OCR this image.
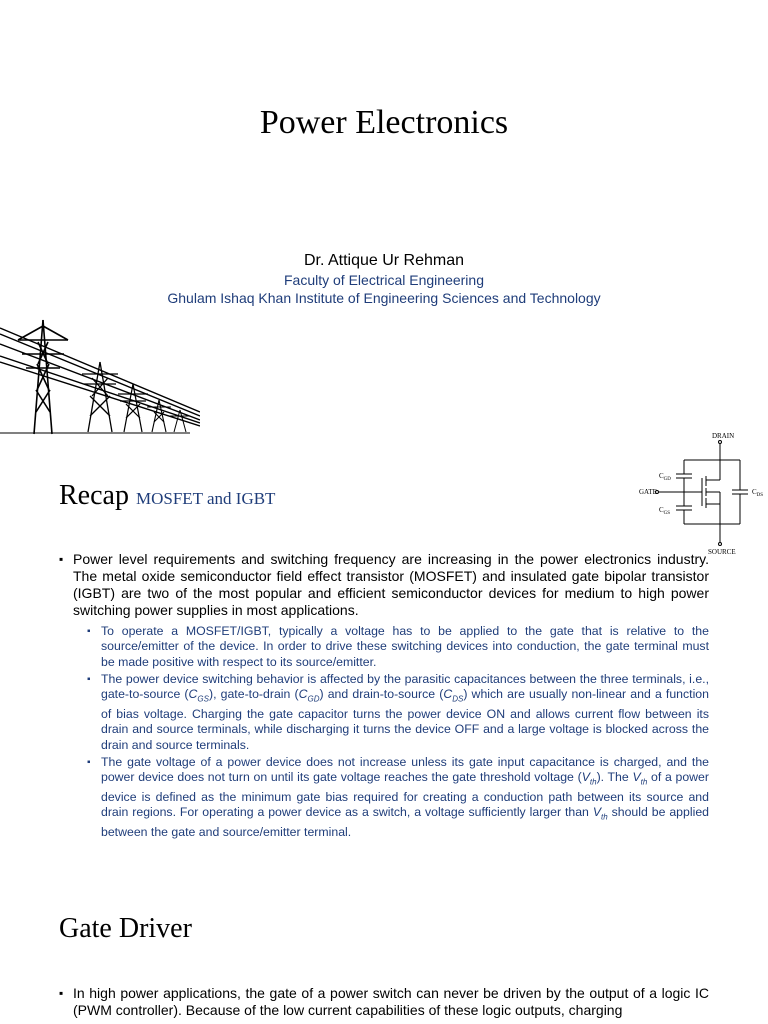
Power Electronics
Dr. Attique Ur Rehman
Faculty of Electrical Engineering
Ghulam Ishaq Khan Institute of Engineering Sciences and Technology
DRAIN
GATE
SOURCE
$C_{GD}$
$C_{GS}$
$C_{DS}$
Recap MOSFET and IGBT
▪ Power level requirements and switching frequency are increasing in the power electronics industry. The metal oxide semiconductor field effect transistor (MOSFET) and insulated gate bipolar transistor (IGBT) are two of the most popular and efficient semiconductor devices for medium to high power switching power supplies in most applications.
▪ To operate a MOSFET/IGBT, typically a voltage has to be applied to the gate that is relative to the source/emitter of the device. In order to drive these switching devices into conduction, the gate terminal must be made positive with respect to its source/emitter.
▪ The power device switching behavior is affected by the parasitic capacitances between the three terminals, i.e., gate-to-source $(C_{GS})$, gate-to-drain $(C_{GD})$ and drain-to-source $(C_{DS})$ which are usually non-linear and a function of bias voltage. Charging the gate capacitor turns the power device ON and allows current flow between its drain and source terminals, while discharging it turns the device OFF and a large voltage is blocked across the drain and source terminals.
▪ The gate voltage of a power device does not increase unless its gate input capacitance is charged, and the power device does not turn on until its gate voltage reaches the gate threshold voltage $(V_{th})$. The $V_{th}$ of a power device is defined as the minimum gate bias required for creating a conduction path between its source and drain regions. For operating a power device as a switch, a voltage sufficiently larger than $V_{th}$ should be applied between the gate and source/emitter terminal.
Gate Driver
▪ In high power applications, the gate of a power switch can never be driven by the output of a logic IC (PWM controller). Because of the low current capabilities of these logic outputs, charging
